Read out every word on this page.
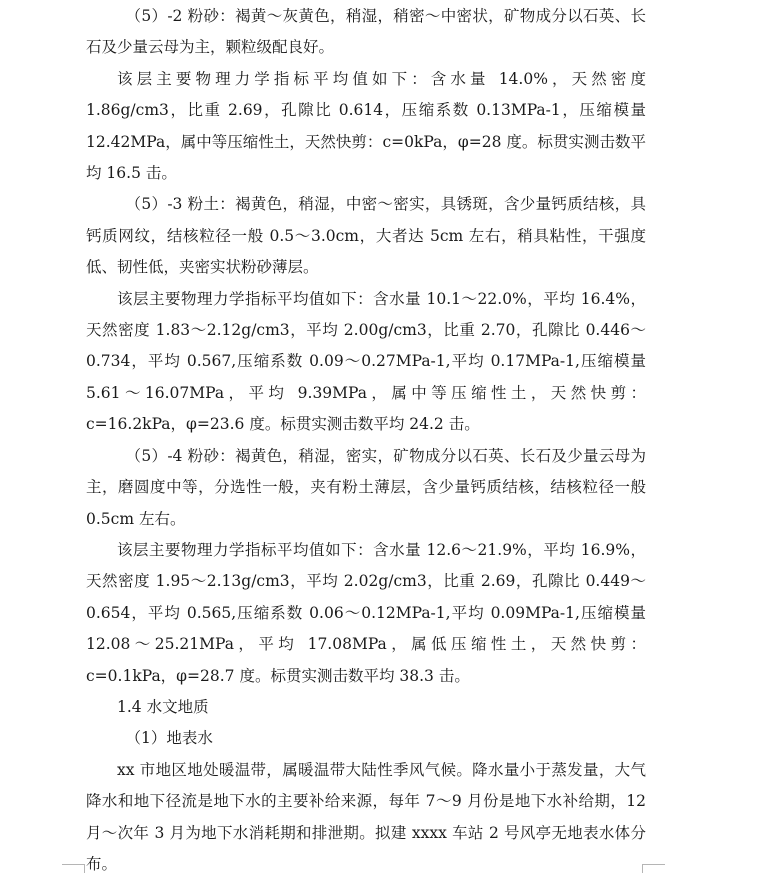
（5）-2 粉砂：褐黄～灰黄色，稍湿，稍密～中密状，矿物成分以石英、长石及少量云母为主，颗粒级配良好。

该层主要物理力学指标平均值如下：含水量 14.0%，天然密度 1.86g/cm3，比重 2.69，孔隙比 0.614，压缩系数 0.13MPa-1，压缩模量 12.42MPa，属中等压缩性土，天然快剪：c=0kPa，φ=28 度。标贯实测击数平均 16.5 击。

（5）-3 粉土：褐黄色，稍湿，中密～密实，具锈斑，含少量钙质结核，具钙质网纹，结核粒径一般 0.5～3.0cm，大者达 5cm 左右，稍具粘性，干强度低、韧性低，夹密实状粉砂薄层。

该层主要物理力学指标平均值如下：含水量 10.1～22.0%，平均 16.4%，天然密度 1.83～2.12g/cm3，平均 2.00g/cm3，比重 2.70，孔隙比 0.446～0.734，平均 0.567,压缩系数 0.09～0.27MPa-1,平均 0.17MPa-1,压缩模量 5.61～16.07MPa，平均 9.39MPa，属中等压缩性土，天然快剪：c=16.2kPa，φ=23.6 度。标贯实测击数平均 24.2 击。

（5）-4 粉砂：褐黄色，稍湿，密实，矿物成分以石英、长石及少量云母为主，磨圆度中等，分选性一般，夹有粉土薄层，含少量钙质结核，结核粒径一般 0.5cm 左右。

该层主要物理力学指标平均值如下：含水量 12.6～21.9%，平均 16.9%，天然密度 1.95～2.13g/cm3，平均 2.02g/cm3，比重 2.69，孔隙比 0.449～0.654，平均 0.565,压缩系数 0.06～0.12MPa-1,平均 0.09MPa-1,压缩模量 12.08～25.21MPa，平均 17.08MPa，属低压缩性土，天然快剪：c=0.1kPa，φ=28.7 度。标贯实测击数平均 38.3 击。

1.4 水文地质

（1）地表水

xx 市地区地处暖温带，属暖温带大陆性季风气候。降水量小于蒸发量，大气降水和地下径流是地下水的主要补给来源，每年 7～9 月份是地下水补给期，12 月～次年 3 月为地下水消耗期和排泄期。拟建 xxxx 车站 2 号风亭无地表水体分布。
